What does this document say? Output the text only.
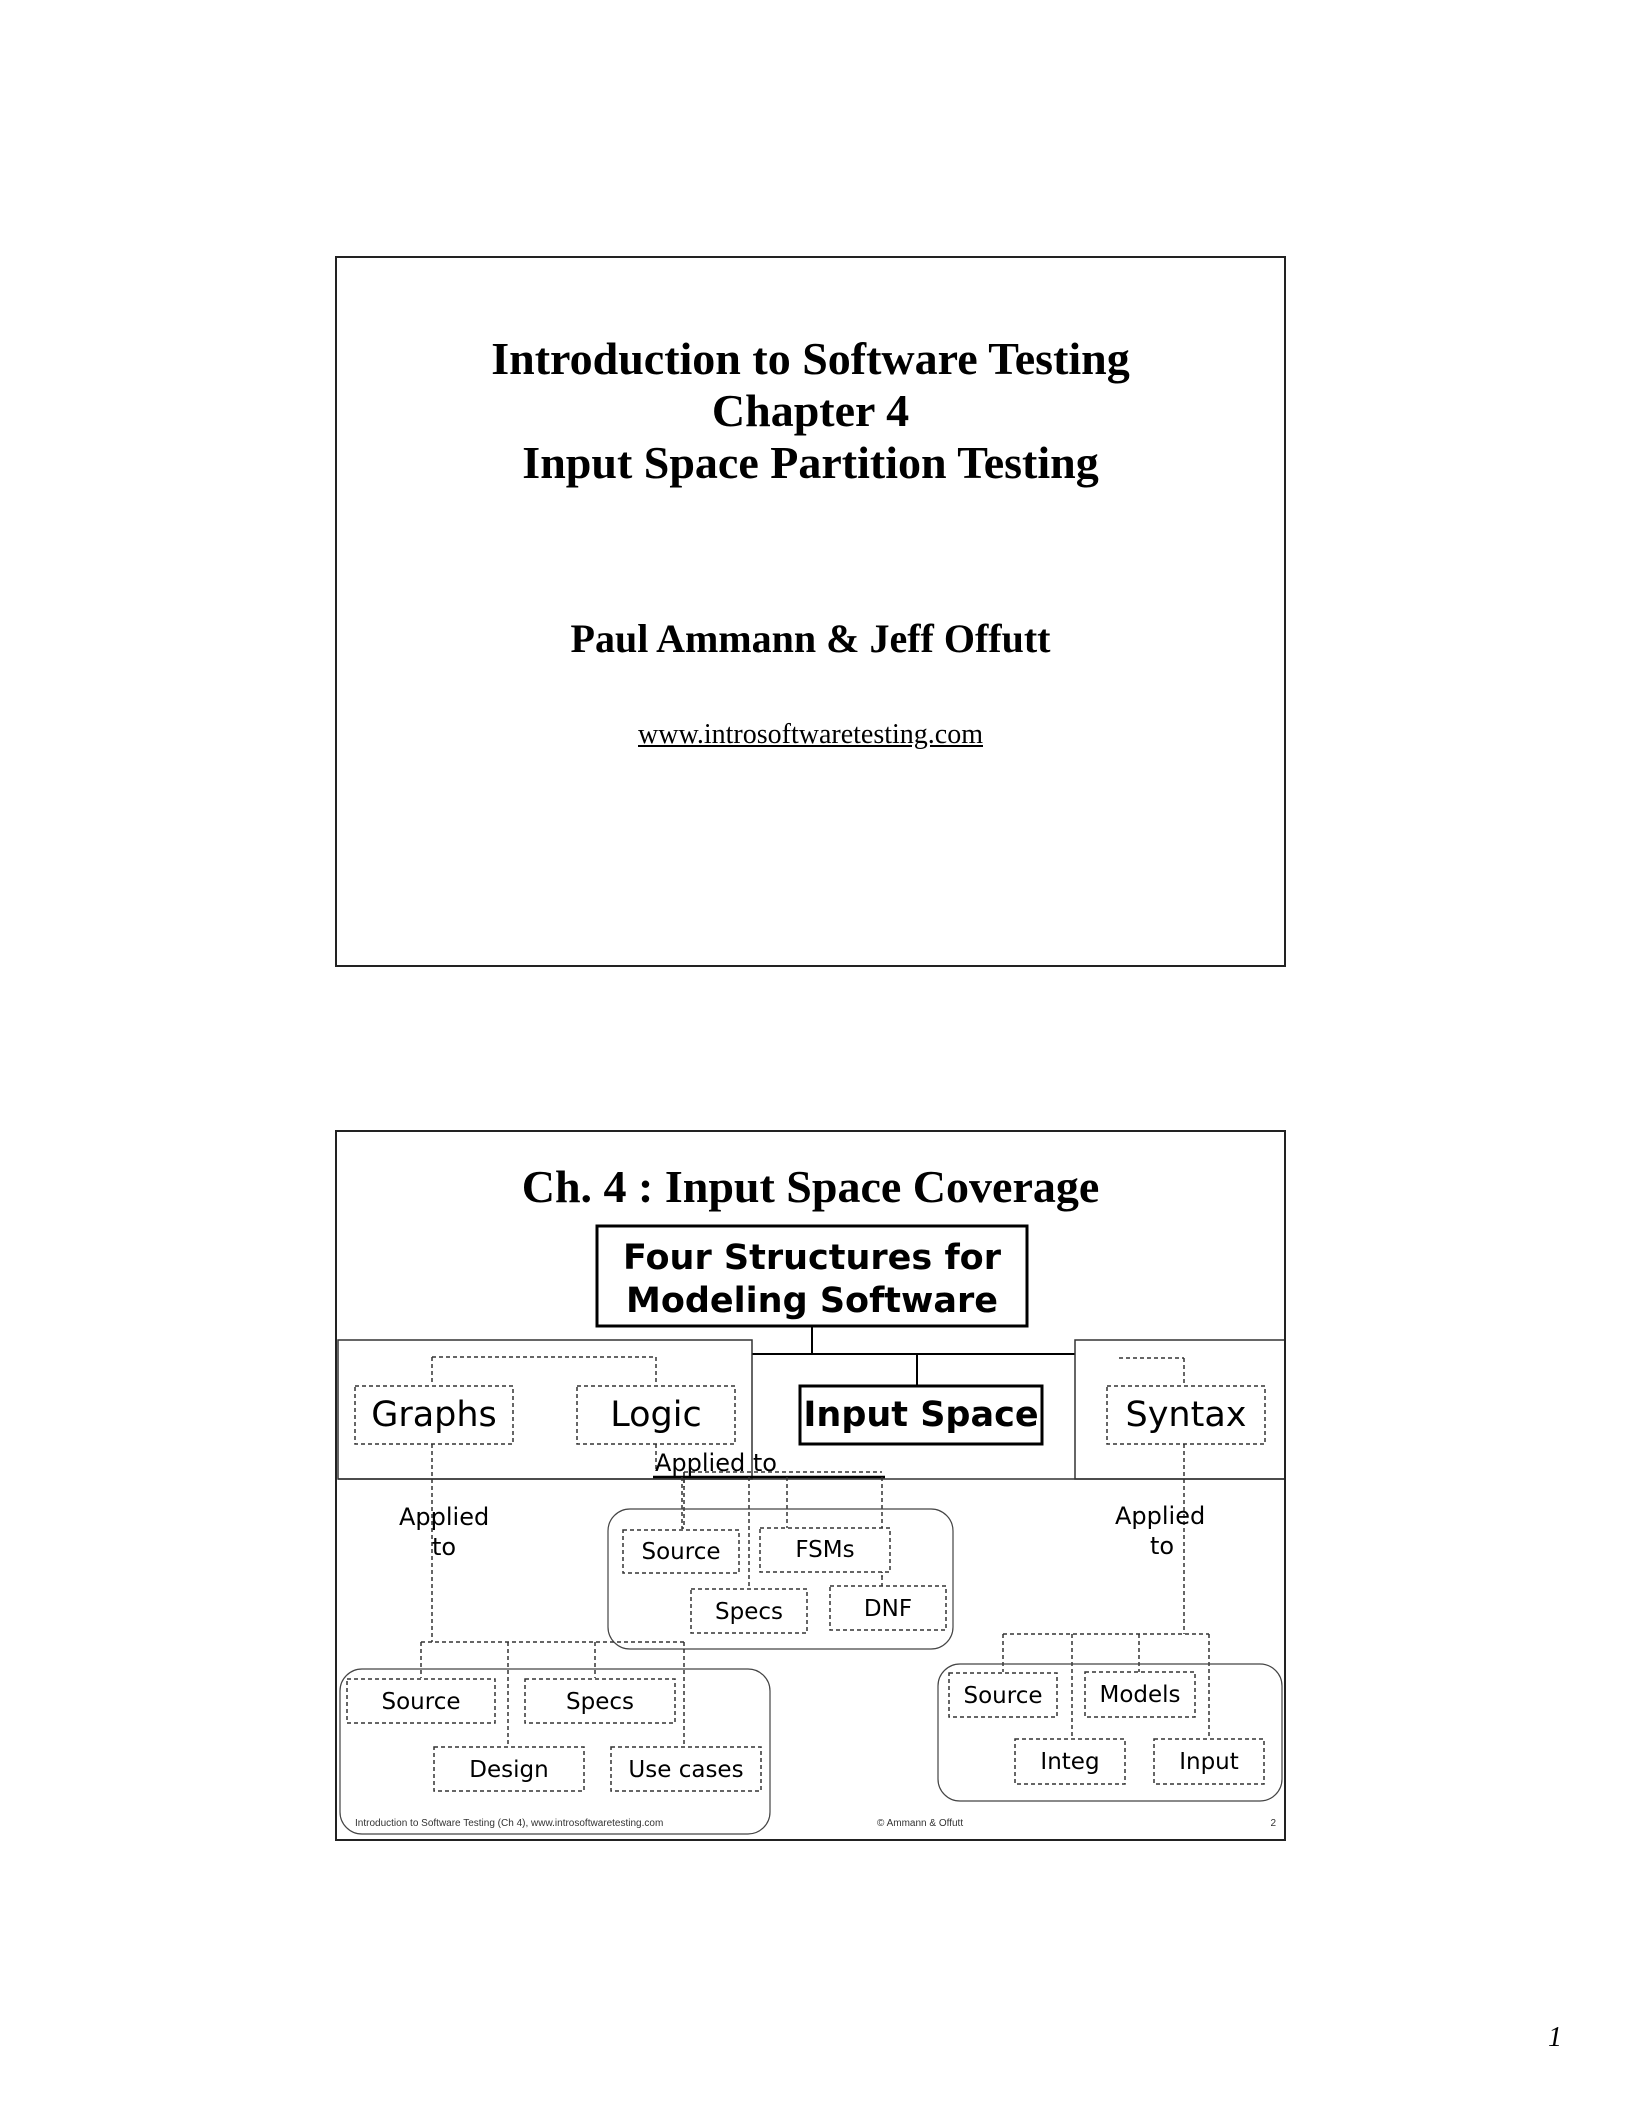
Introduction to Software Testing
Chapter 4
Input Space Partition Testing
Paul Ammann & Jeff Offutt
www.introsoftwaretesting.com
Ch. 4 : Input Space Coverage
Four Structures for
Modeling Software
Graphs	Logic	Input Space Syntax
Applied to
Source	FSMs
Specs	DNF
Applied
to
Source	Specs
Design	Use cases
Applied
to
Source Models
Integ	Input
Introduction to Software Testing (Ch 4), www.introsoftwaretesting.com	© Ammann & Offutt	2
1
